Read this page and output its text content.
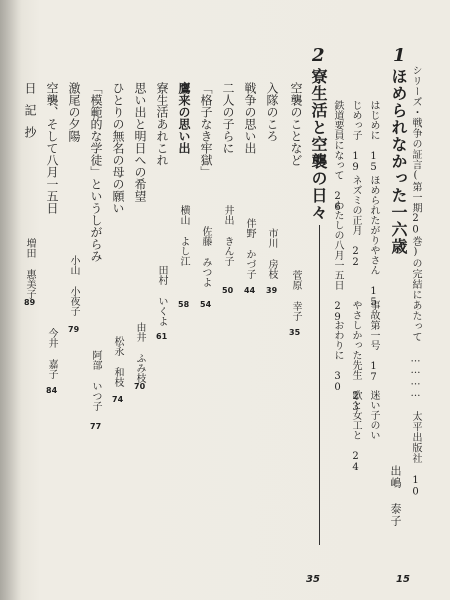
1
シリーズ・戦争の証言(第一期20巻)の完結にあたって ………… 太平出版社 10
ほめられなかった一六歳
出嶋 泰子
15
はじめに 15
ほめられたがりやさん 15
事故第一号 17
迷い子のい
じめっ子 19
ネズミの正月 22
やさしかった先生 23
歌と女工と 24
鉄道要員になって 26
わたしの八月一五日 29
おわりに 30
2
寮生活と空襲の日々
35
空襲のことなど
菅原 幸子
35
入隊のころ
市川 房枝
39
戦争の思い出
伴野 かづ子
44
二人の子らに
井出 きん子
50
「格子なき牢獄」
佐藤 みつよ
54
鷹来の思い出
横山 よし江
58
寮生活あれこれ
田村 いくよ
61
思い出と明日への希望
由井 ふみ枝
70
ひとりの無名の母の願い
松永 和枝
74
「模範的な学徒」というしがらみ
阿部 いつ子
77
激尾の夕陽
小山 小夜子
79
空襲、そして八月一五日
今井 嘉子
84
日記抄
増田 惠美子
89
